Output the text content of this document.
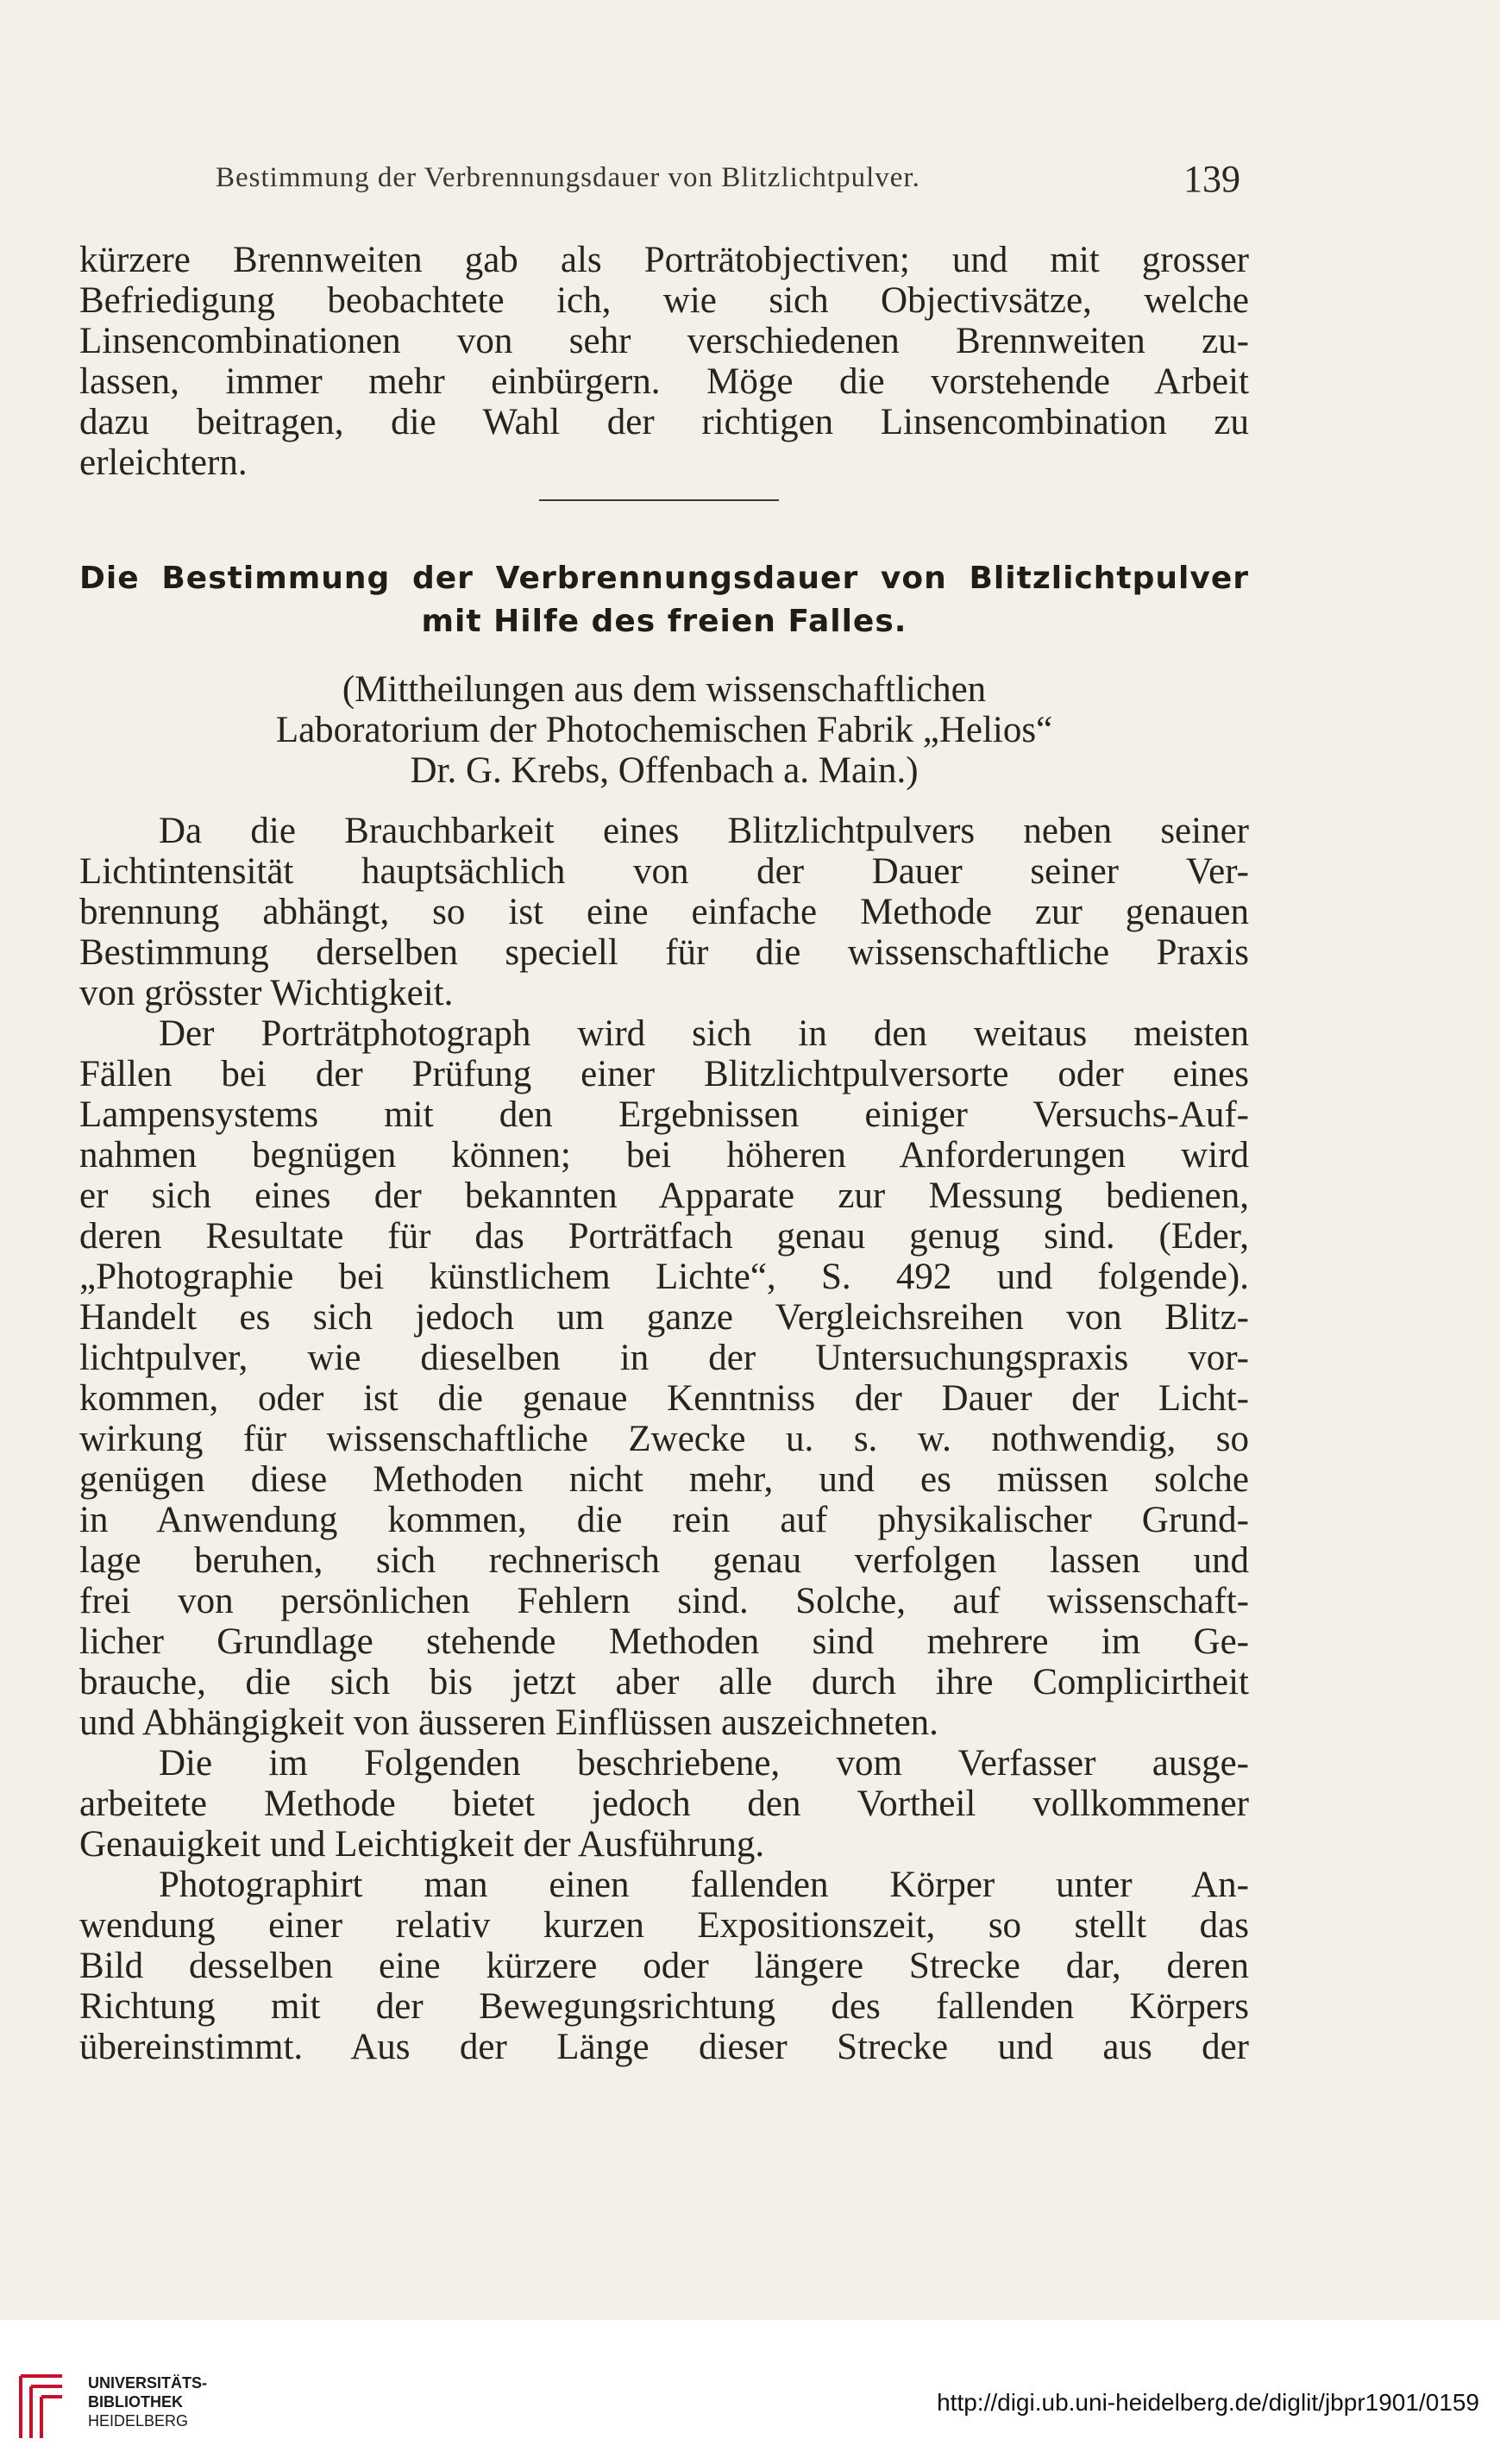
Bestimmung der Verbrennungsdauer von Blitzlichtpulver.	139
kürzere Brennweiten gab als Porträtobjectiven; und mit grosser
Befriedigung beobachtete ich, wie sich Objectivsätze, welche
Linsencombinationen von sehr verschiedenen Brennweiten zu-
lassen, immer mehr einbürgern. Möge die vorstehende Arbeit
dazu beitragen, die Wahl der richtigen Linsencombination zu
erleichtern.
Die Bestimmung der Verbrennungsdauer von Blitzlichtpulver
mit Hilfe des freien Falles.
(Mittheilungen aus dem wissenschaftlichen
Laboratorium der Photochemischen Fabrik „Helios“
Dr. G. Krebs, Offenbach a. Main.)
Da die Brauchbarkeit eines Blitzlichtpulvers neben seiner
Lichtintensität hauptsächlich von der Dauer seiner Ver-
brennung abhängt, so ist eine einfache Methode zur genauen
Bestimmung derselben speciell für die wissenschaftliche Praxis
von grösster Wichtigkeit.
Der Porträtphotograph wird sich in den weitaus meisten
Fällen bei der Prüfung einer Blitzlichtpulversorte oder eines
Lampensystems mit den Ergebnissen einiger Versuchs-Auf-
nahmen begnügen können; bei höheren Anforderungen wird
er sich eines der bekannten Apparate zur Messung bedienen,
deren Resultate für das Porträtfach genau genug sind. (Eder,
„Photographie bei künstlichem Lichte“, S. 492 und folgende).
Handelt es sich jedoch um ganze Vergleichsreihen von Blitz-
lichtpulver, wie dieselben in der Untersuchungspraxis vor-
kommen, oder ist die genaue Kenntniss der Dauer der Licht-
wirkung für wissenschaftliche Zwecke u. s. w. nothwendig, so
genügen diese Methoden nicht mehr, und es müssen solche
in Anwendung kommen, die rein auf physikalischer Grund-
lage beruhen, sich rechnerisch genau verfolgen lassen und
frei von persönlichen Fehlern sind. Solche, auf wissenschaft-
licher Grundlage stehende Methoden sind mehrere im Ge-
brauche, die sich bis jetzt aber alle durch ihre Complicirtheit
und Abhängigkeit von äusseren Einflüssen auszeichneten.
Die im Folgenden beschriebene, vom Verfasser ausge-
arbeitete Methode bietet jedoch den Vortheil vollkommener
Genauigkeit und Leichtigkeit der Ausführung.
Photographirt man einen fallenden Körper unter An-
wendung einer relativ kurzen Expositionszeit, so stellt das
Bild desselben eine kürzere oder längere Strecke dar, deren
Richtung mit der Bewegungsrichtung des fallenden Körpers
übereinstimmt. Aus der Länge dieser Strecke und aus der
UNIVERSITÄTS-
BIBLIOTHEK
HEIDELBERG
http://digi.ub.uni-heidelberg.de/diglit/jbpr1901/0159
